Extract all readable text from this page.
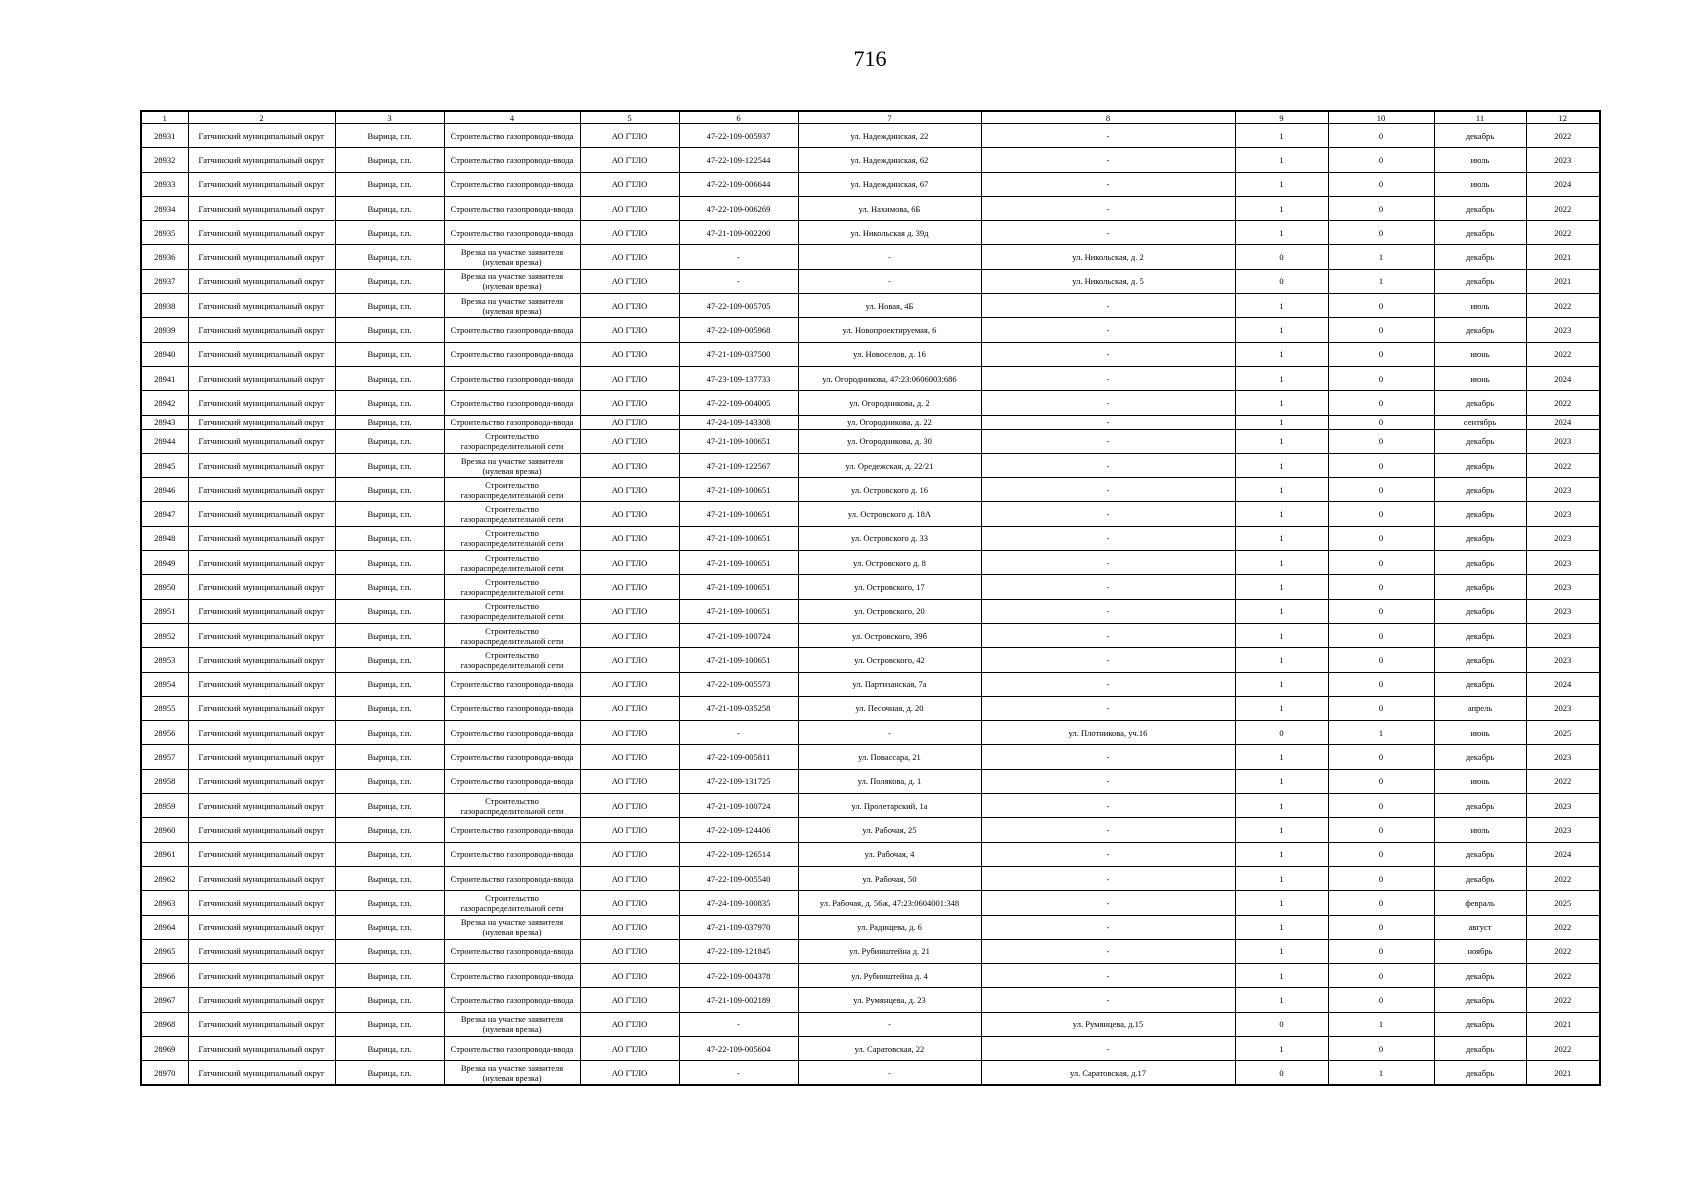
716
1	2	3	4	5	6	7	8	9	10	11	12
28931	Гатчинский муниципальный округ	Вырица, г.п.	Строительство газопровода-ввода	АО ГТЛО	47-22-109-005937	ул. Надеждинская, 22	-	1	0	декабрь	2022
28932	Гатчинский муниципальный округ	Вырица, г.п.	Строительство газопровода-ввода	АО ГТЛО	47-22-109-122544	ул. Надеждинская, 62	-	1	0	июль	2023
28933	Гатчинский муниципальный округ	Вырица, г.п.	Строительство газопровода-ввода	АО ГТЛО	47-22-109-006644	ул. Надеждинская, 67	-	1	0	июль	2024
28934	Гатчинский муниципальный округ	Вырица, г.п.	Строительство газопровода-ввода	АО ГТЛО	47-22-109-006269	ул. Нахимова, 6Б	-	1	0	декабрь	2022
28935	Гатчинский муниципальный округ	Вырица, г.п.	Строительство газопровода-ввода	АО ГТЛО	47-21-109-002200	ул. Никольская д. 39д	-	1	0	декабрь	2022
28936	Гатчинский муниципальный округ	Вырица, г.п.	Врезка на участке заявителя (нулевая врезка)	АО ГТЛО	-	-	ул. Никольская, д. 2	0	1	декабрь	2021
28937	Гатчинский муниципальный округ	Вырица, г.п.	Врезка на участке заявителя (нулевая врезка)	АО ГТЛО	-	-	ул. Никольская, д. 5	0	1	декабрь	2021
28938	Гатчинский муниципальный округ	Вырица, г.п.	Врезка на участке заявителя (нулевая врезка)	АО ГТЛО	47-22-109-005705	ул. Новая, 4Б	-	1	0	июль	2022
28939	Гатчинский муниципальный округ	Вырица, г.п.	Строительство газопровода-ввода	АО ГТЛО	47-22-109-005968	ул. Новопроектируемая, 6	-	1	0	декабрь	2023
28940	Гатчинский муниципальный округ	Вырица, г.п.	Строительство газопровода-ввода	АО ГТЛО	47-21-109-037500	ул. Новоселов, д. 16	-	1	0	июнь	2022
28941	Гатчинский муниципальный округ	Вырица, г.п.	Строительство газопровода-ввода	АО ГТЛО	47-23-109-137733	ул. Огородникова, 47:23:0606003:686	-	1	0	июнь	2024
28942	Гатчинский муниципальный округ	Вырица, г.п.	Строительство газопровода-ввода	АО ГТЛО	47-22-109-004005	ул. Огородникова, д. 2	-	1	0	декабрь	2022
28943	Гатчинский муниципальный округ	Вырица, г.п.	Строительство газопровода-ввода	АО ГТЛО	47-24-109-143308	ул. Огородникова, д. 22	-	1	0	сентябрь	2024
28944	Гатчинский муниципальный округ	Вырица, г.п.	Строительство газораспределительной сети	АО ГТЛО	47-21-109-100651	ул. Огородникова, д. 30	-	1	0	декабрь	2023
28945	Гатчинский муниципальный округ	Вырица, г.п.	Врезка на участке заявителя (нулевая врезка)	АО ГТЛО	47-21-109-122567	ул. Оредежская, д. 22/21	-	1	0	декабрь	2022
28946	Гатчинский муниципальный округ	Вырица, г.п.	Строительство газораспределительной сети	АО ГТЛО	47-21-109-100651	ул. Островского д. 16	-	1	0	декабрь	2023
28947	Гатчинский муниципальный округ	Вырица, г.п.	Строительство газораспределительной сети	АО ГТЛО	47-21-109-100651	ул. Островского д. 18А	-	1	0	декабрь	2023
28948	Гатчинский муниципальный округ	Вырица, г.п.	Строительство газораспределительной сети	АО ГТЛО	47-21-109-100651	ул. Островского д. 33	-	1	0	декабрь	2023
28949	Гатчинский муниципальный округ	Вырица, г.п.	Строительство газораспределительной сети	АО ГТЛО	47-21-109-100651	ул. Островского д. 8	-	1	0	декабрь	2023
28950	Гатчинский муниципальный округ	Вырица, г.п.	Строительство газораспределительной сети	АО ГТЛО	47-21-109-100651	ул. Островского, 17	-	1	0	декабрь	2023
28951	Гатчинский муниципальный округ	Вырица, г.п.	Строительство газораспределительной сети	АО ГТЛО	47-21-109-100651	ул. Островского, 20	-	1	0	декабрь	2023
28952	Гатчинский муниципальный округ	Вырица, г.п.	Строительство газораспределительной сети	АО ГТЛО	47-21-109-100724	ул. Островского, 39б	-	1	0	декабрь	2023
28953	Гатчинский муниципальный округ	Вырица, г.п.	Строительство газораспределительной сети	АО ГТЛО	47-21-109-100651	ул. Островского, 42	-	1	0	декабрь	2023
28954	Гатчинский муниципальный округ	Вырица, г.п.	Строительство газопровода-ввода	АО ГТЛО	47-22-109-005573	ул. Партизанская, 7а	-	1	0	декабрь	2024
28955	Гатчинский муниципальный округ	Вырица, г.п.	Строительство газопровода-ввода	АО ГТЛО	47-21-109-035258	ул. Песочная, д. 20	-	1	0	апрель	2023
28956	Гатчинский муниципальный округ	Вырица, г.п.	Строительство газопровода-ввода	АО ГТЛО	-	-	ул. Плотникова, уч.16	0	1	июнь	2025
28957	Гатчинский муниципальный округ	Вырица, г.п.	Строительство газопровода-ввода	АО ГТЛО	47-22-109-005811	ул. Повассара, 21	-	1	0	декабрь	2023
28958	Гатчинский муниципальный округ	Вырица, г.п.	Строительство газопровода-ввода	АО ГТЛО	47-22-109-131725	ул. Полякова, д. 1	-	1	0	июнь	2022
28959	Гатчинский муниципальный округ	Вырица, г.п.	Строительство газораспределительной сети	АО ГТЛО	47-21-109-100724	ул. Пролетарский, 1а	-	1	0	декабрь	2023
28960	Гатчинский муниципальный округ	Вырица, г.п.	Строительство газопровода-ввода	АО ГТЛО	47-22-109-124406	ул. Рабочая, 25	-	1	0	июль	2023
28961	Гатчинский муниципальный округ	Вырица, г.п.	Строительство газопровода-ввода	АО ГТЛО	47-22-109-126514	ул. Рабочая, 4	-	1	0	декабрь	2024
28962	Гатчинский муниципальный округ	Вырица, г.п.	Строительство газопровода-ввода	АО ГТЛО	47-22-109-005540	ул. Рабочая, 50	-	1	0	декабрь	2022
28963	Гатчинский муниципальный округ	Вырица, г.п.	Строительство газораспределительной сети	АО ГТЛО	47-24-109-100835	ул. Рабочая, д. 56ж, 47:23:0604001:348	-	1	0	февраль	2025
28964	Гатчинский муниципальный округ	Вырица, г.п.	Врезка на участке заявителя (нулевая врезка)	АО ГТЛО	47-21-109-037970	ул. Радищева, д. 6	-	1	0	август	2022
28965	Гатчинский муниципальный округ	Вырица, г.п.	Строительство газопровода-ввода	АО ГТЛО	47-22-109-121845	ул. Рубинштейна д. 21	-	1	0	ноябрь	2022
28966	Гатчинский муниципальный округ	Вырица, г.п.	Строительство газопровода-ввода	АО ГТЛО	47-22-109-004378	ул. Рубинштейна д. 4	-	1	0	декабрь	2022
28967	Гатчинский муниципальный округ	Вырица, г.п.	Строительство газопровода-ввода	АО ГТЛО	47-21-109-002189	ул. Румянцева, д. 23	-	1	0	декабрь	2022
28968	Гатчинский муниципальный округ	Вырица, г.п.	Врезка на участке заявителя (нулевая врезка)	АО ГТЛО	-	-	ул. Румянцева, д.15	0	1	декабрь	2021
28969	Гатчинский муниципальный округ	Вырица, г.п.	Строительство газопровода-ввода	АО ГТЛО	47-22-109-005604	ул. Саратовская, 22	-	1	0	декабрь	2022
28970	Гатчинский муниципальный округ	Вырица, г.п.	Врезка на участке заявителя (нулевая врезка)	АО ГТЛО	-	-	ул. Саратовская, д.17	0	1	декабрь	2021
